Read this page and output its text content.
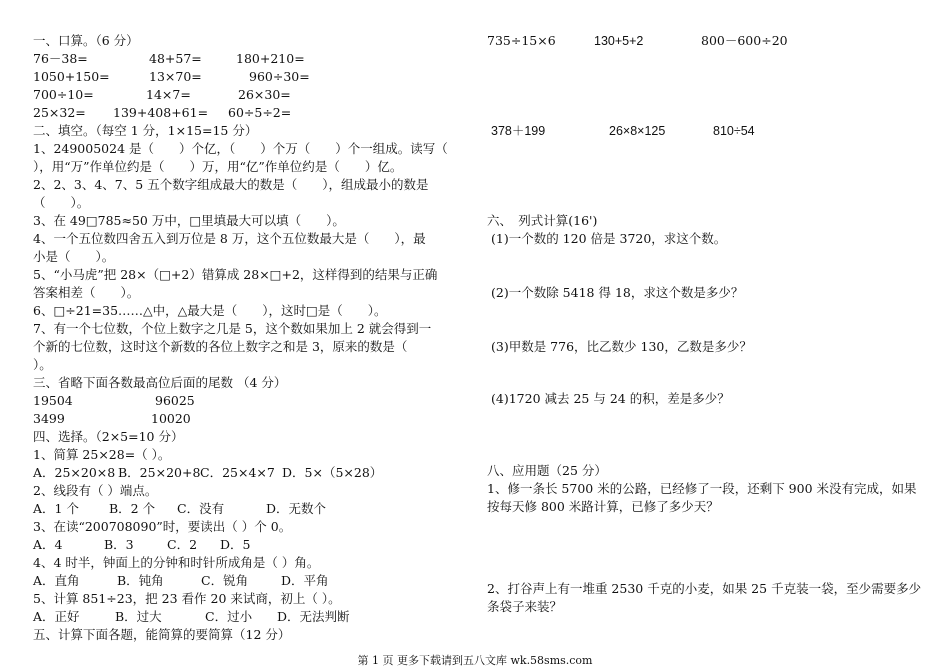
一、口算。（6 分）
76－38=	48+57=	180+210=
1050+150=	13×70=	960÷30=
700÷10=	14×7=	26×30=
25×32= 139+408+61= 60÷5÷2=
二、填空。（每空 1 分，1×15=15 分）
1、249005024 是（　　）个亿，（　　）个万（　　）个一组成。读写（
），用“万”作单位约是（　　）万，用“亿”作单位约是（　　）亿。
2、2、3、4、7、5 五个数字组成最大的数是（　　），组成最小的数是
（　　）。
3、在 49□785≈50 万中，□里填最大可以填（　　）。
4、一个五位数四舍五入到万位是 8 万，这个五位数最大是（　　），最
小是（　　）。
5、“小马虎”把 28×（□+2）错算成 28×□+2，这样得到的结果与正确
答案相差（　　）。
6、□÷21=35……△中，△最大是（　　），这时□是（　　）。
7、有一个七位数，个位上数字之几是 5，这个数如果加上 2 就会得到一
个新的七位数，这时这个新数的各位上数字之和是 3，原来的数是（
）。
三、省略下面各数最高位后面的尾数 （4 分）
19504	96025
3499	10020
四、选择。（2×5=10 分）
1、简算 25×28=（ ）。
A．25×20×8 B．25×20+8C．25×4×7 D．5×（5×28）
2、线段有（ ）端点。
A．1 个 B．2 个 C．没有	D．无数个
3、在读“200708090”时，要读出（ ）个 0。
A．4	B．3	C．2 D．5
4、4 时半，钟面上的分钟和时针所成角是（ ）角。
A．直角	B．钝角	C．锐角	D．平角
5、计算 851÷23，把 23 看作 20 来试商，初上（ ）。
A．正好	B．过大	C．过小 D．无法判断
五、计算下面各题，能简算的要简算（12 分）
735÷15×6	130+5+2	800－600÷20
378＋199	26×8×125	810÷54
六、　列式计算(16')
(1)一个数的 120 倍是 3720，求这个数。
(2)一个数除 5418 得 18，求这个数是多少？
(3)甲数是 776，比乙数少 130，乙数是多少？
(4)1720 减去 25 与 24 的积，差是多少？
八、应用题（25 分）
1、修一条长 5700 米的公路，已经修了一段，还剩下 900 米没有完成，如果按每天修 800 米路计算，已修了多少天？
2、打谷声上有一堆重 2530 千克的小麦，如果 25 千克装一袋，至少需要多少条袋子来装？
第 1 页 更多下载请到五八文库 wk.58sms.com
